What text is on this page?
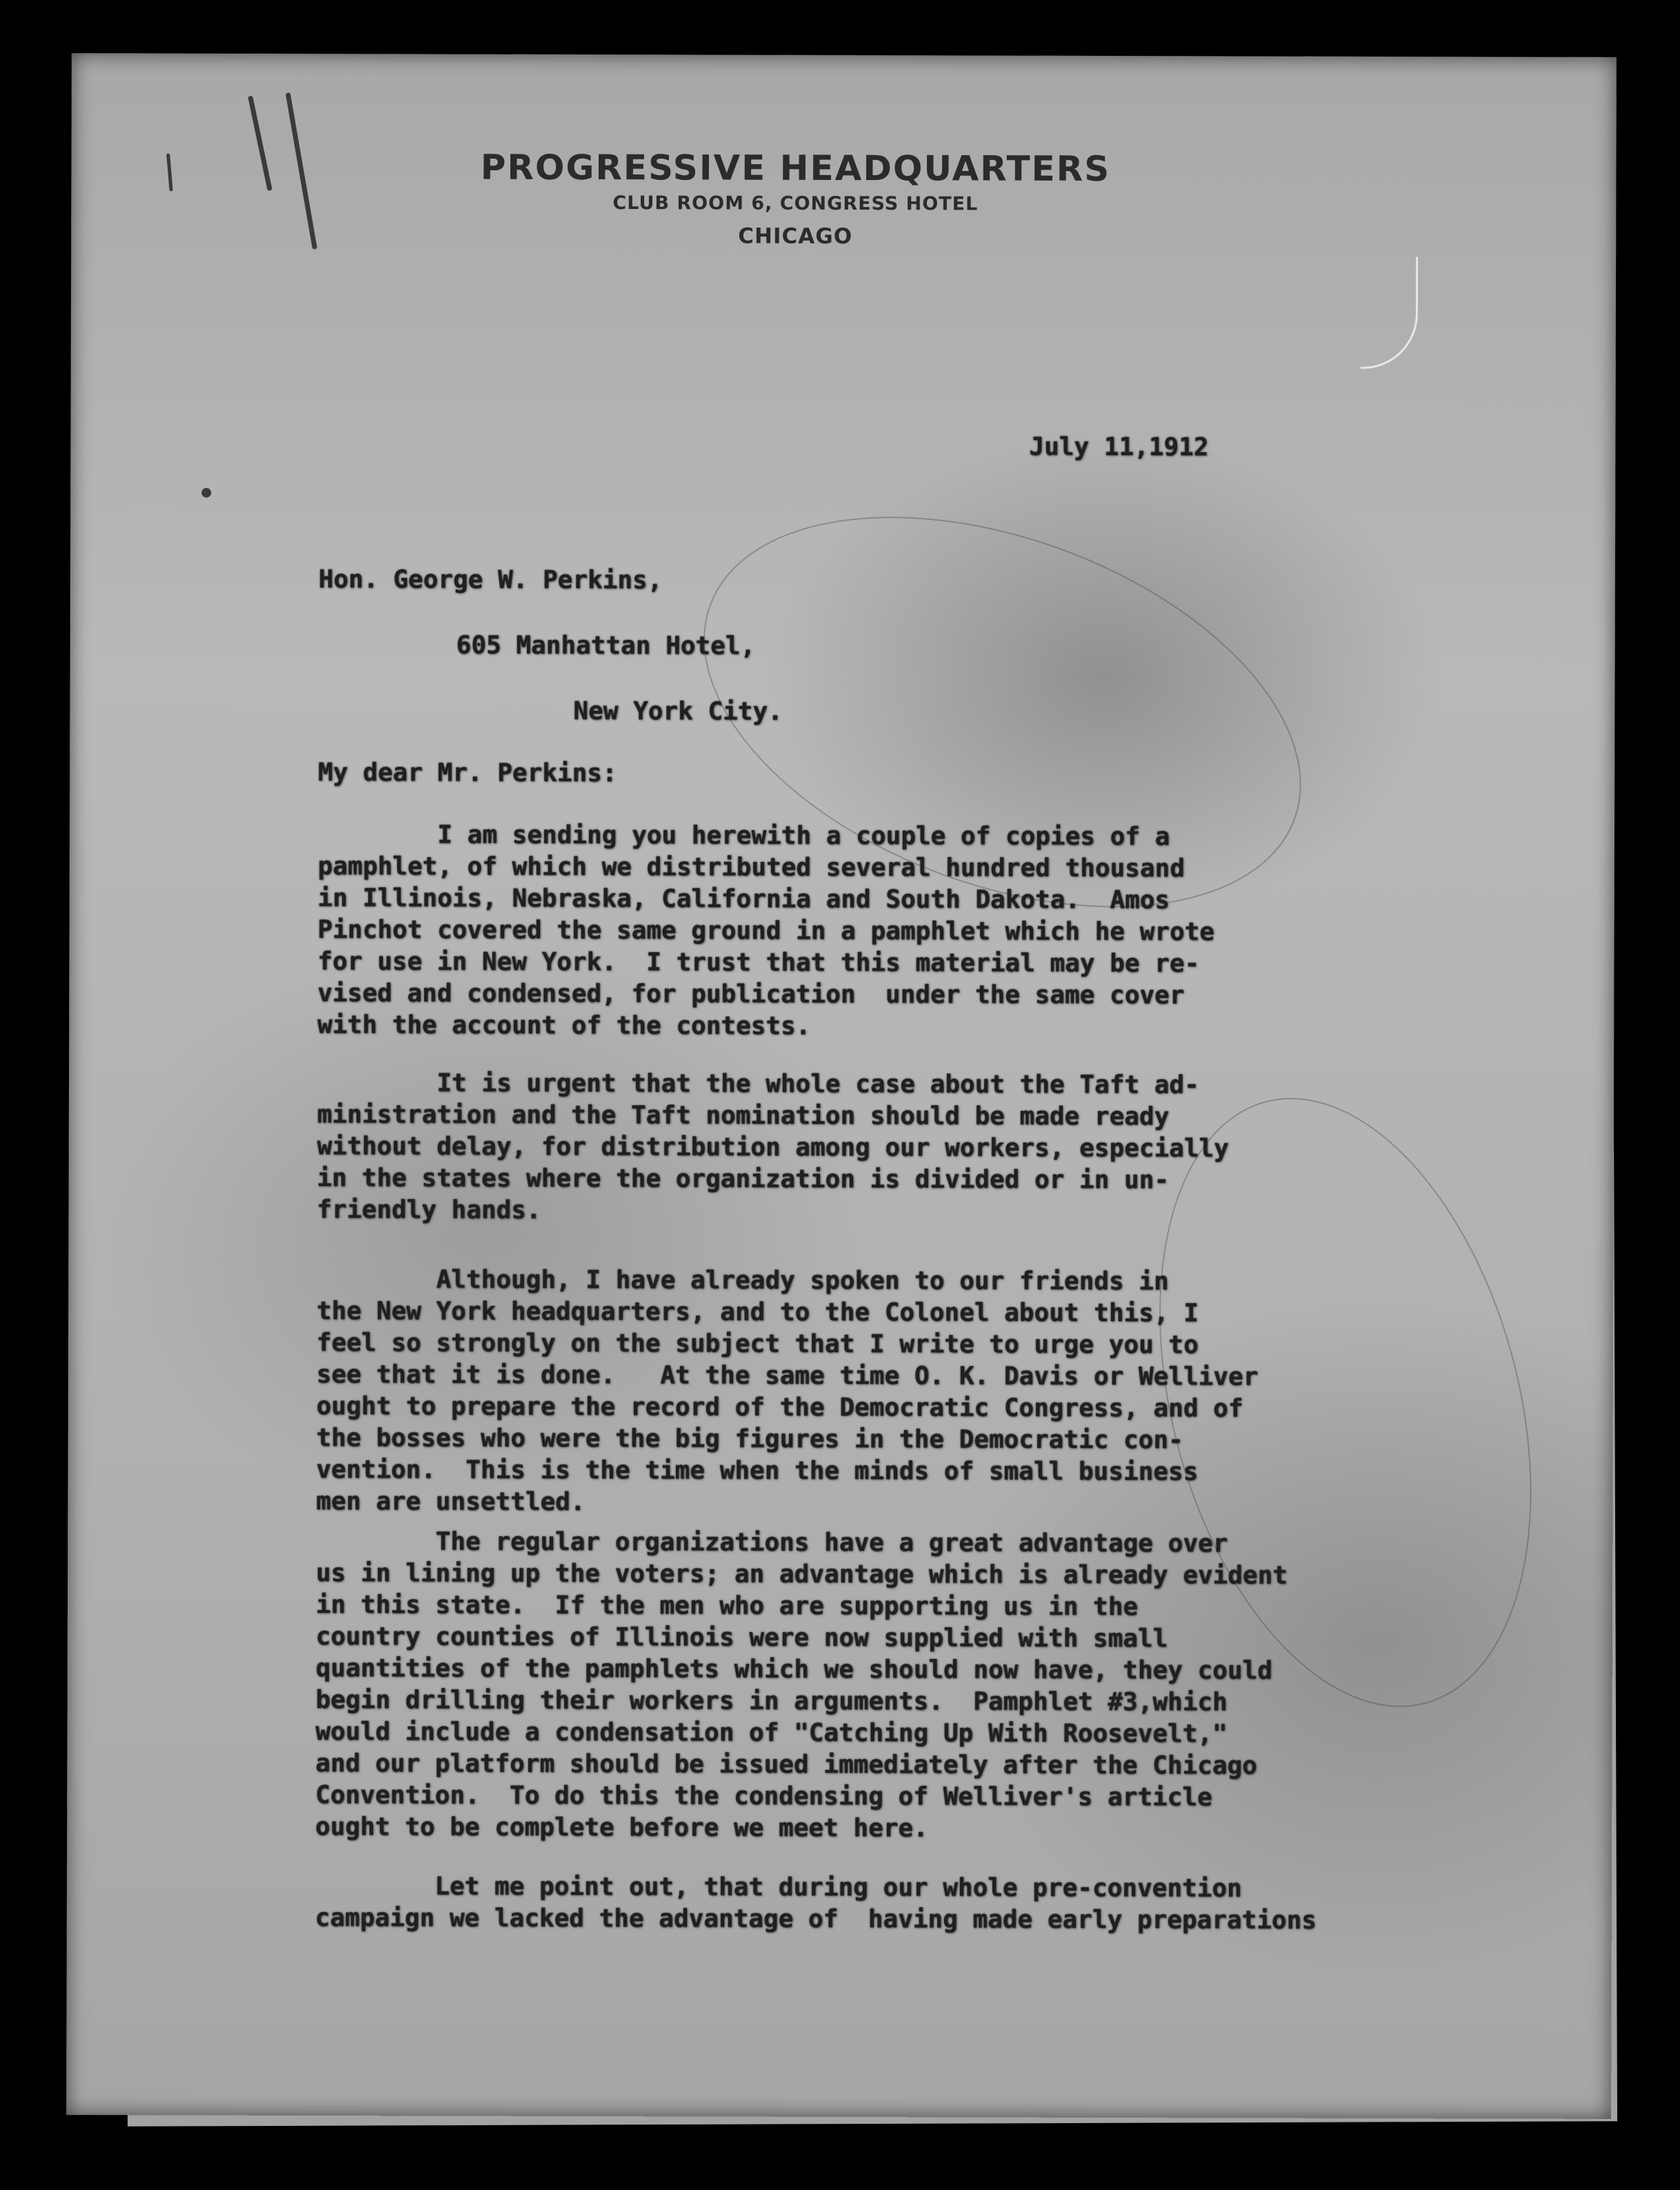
PROGRESSIVE HEADQUARTERS
CLUB ROOM 6, CONGRESS HOTEL
CHICAGO
July 11,1912
Hon. George W. Perkins,
605 Manhattan Hotel,
New York City.
My dear Mr. Perkins:
I am sending you herewith a couple of copies of a
pamphlet, of which we distributed several hundred thousand
in Illinois, Nebraska, California and South Dakota.  Amos
Pinchot covered the same ground in a pamphlet which he wrote
for use in New York.  I trust that this material may be re-
vised and condensed, for publication  under the same cover
with the account of the contests.
It is urgent that the whole case about the Taft ad-
ministration and the Taft nomination should be made ready
without delay, for distribution among our workers, especially
in the states where the organization is divided or in un-
friendly hands.
Although, I have already spoken to our friends in
the New York headquarters, and to the Colonel about this, I
feel so strongly on the subject that I write to urge you to
see that it is done.   At the same time O. K. Davis or Welliver
ought to prepare the record of the Democratic Congress, and of
the bosses who were the big figures in the Democratic con-
vention.  This is the time when the minds of small business
men are unsettled.
The regular organizations have a great advantage over
us in lining up the voters; an advantage which is already evident
in this state.  If the men who are supporting us in the
country counties of Illinois were now supplied with small
quantities of the pamphlets which we should now have, they could
begin drilling their workers in arguments.  Pamphlet #3,which
would include a condensation of "Catching Up With Roosevelt,"
and our platform should be issued immediately after the Chicago
Convention.  To do this the condensing of Welliver's article
ought to be complete before we meet here.
Let me point out, that during our whole pre-convention
campaign we lacked the advantage of  having made early preparations
